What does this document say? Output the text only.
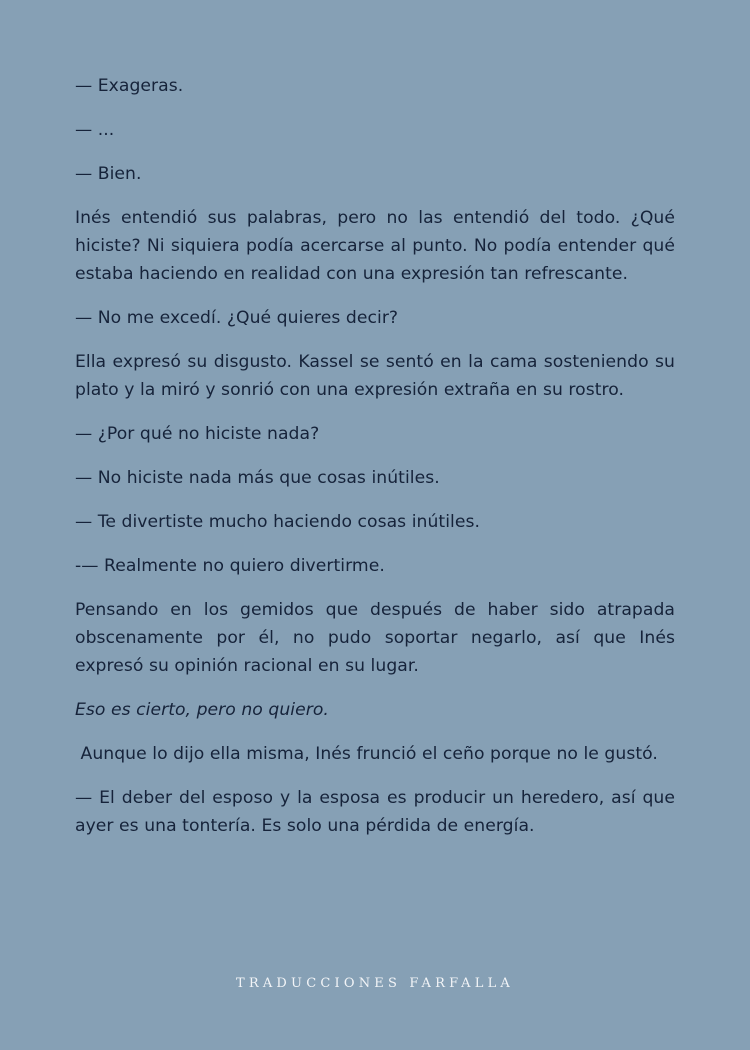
— Exageras.

— ...

— Bien.

Inés entendió sus palabras, pero no las entendió del todo. ¿Qué hiciste? Ni siquiera podía acercarse al punto. No podía entender qué estaba haciendo en realidad con una expresión tan refrescante.

— No me excedí. ¿Qué quieres decir?

Ella expresó su disgusto. Kassel se sentó en la cama sosteniendo su plato y la miró y sonrió con una expresión extraña en su rostro.

— ¿Por qué no hiciste nada?

— No hiciste nada más que cosas inútiles.

— Te divertiste mucho haciendo cosas inútiles.

-— Realmente no quiero divertirme.

Pensando en los gemidos que después de haber sido atrapada obscenamente por él, no pudo soportar negarlo, así que Inés expresó su opinión racional en su lugar.

Eso es cierto, pero no quiero.

Aunque lo dijo ella misma, Inés frunció el ceño porque no le gustó.

— El deber del esposo y la esposa es producir un heredero, así que ayer es una tontería. Es solo una pérdida de energía.

TRADUCCIONES FARFALLA
